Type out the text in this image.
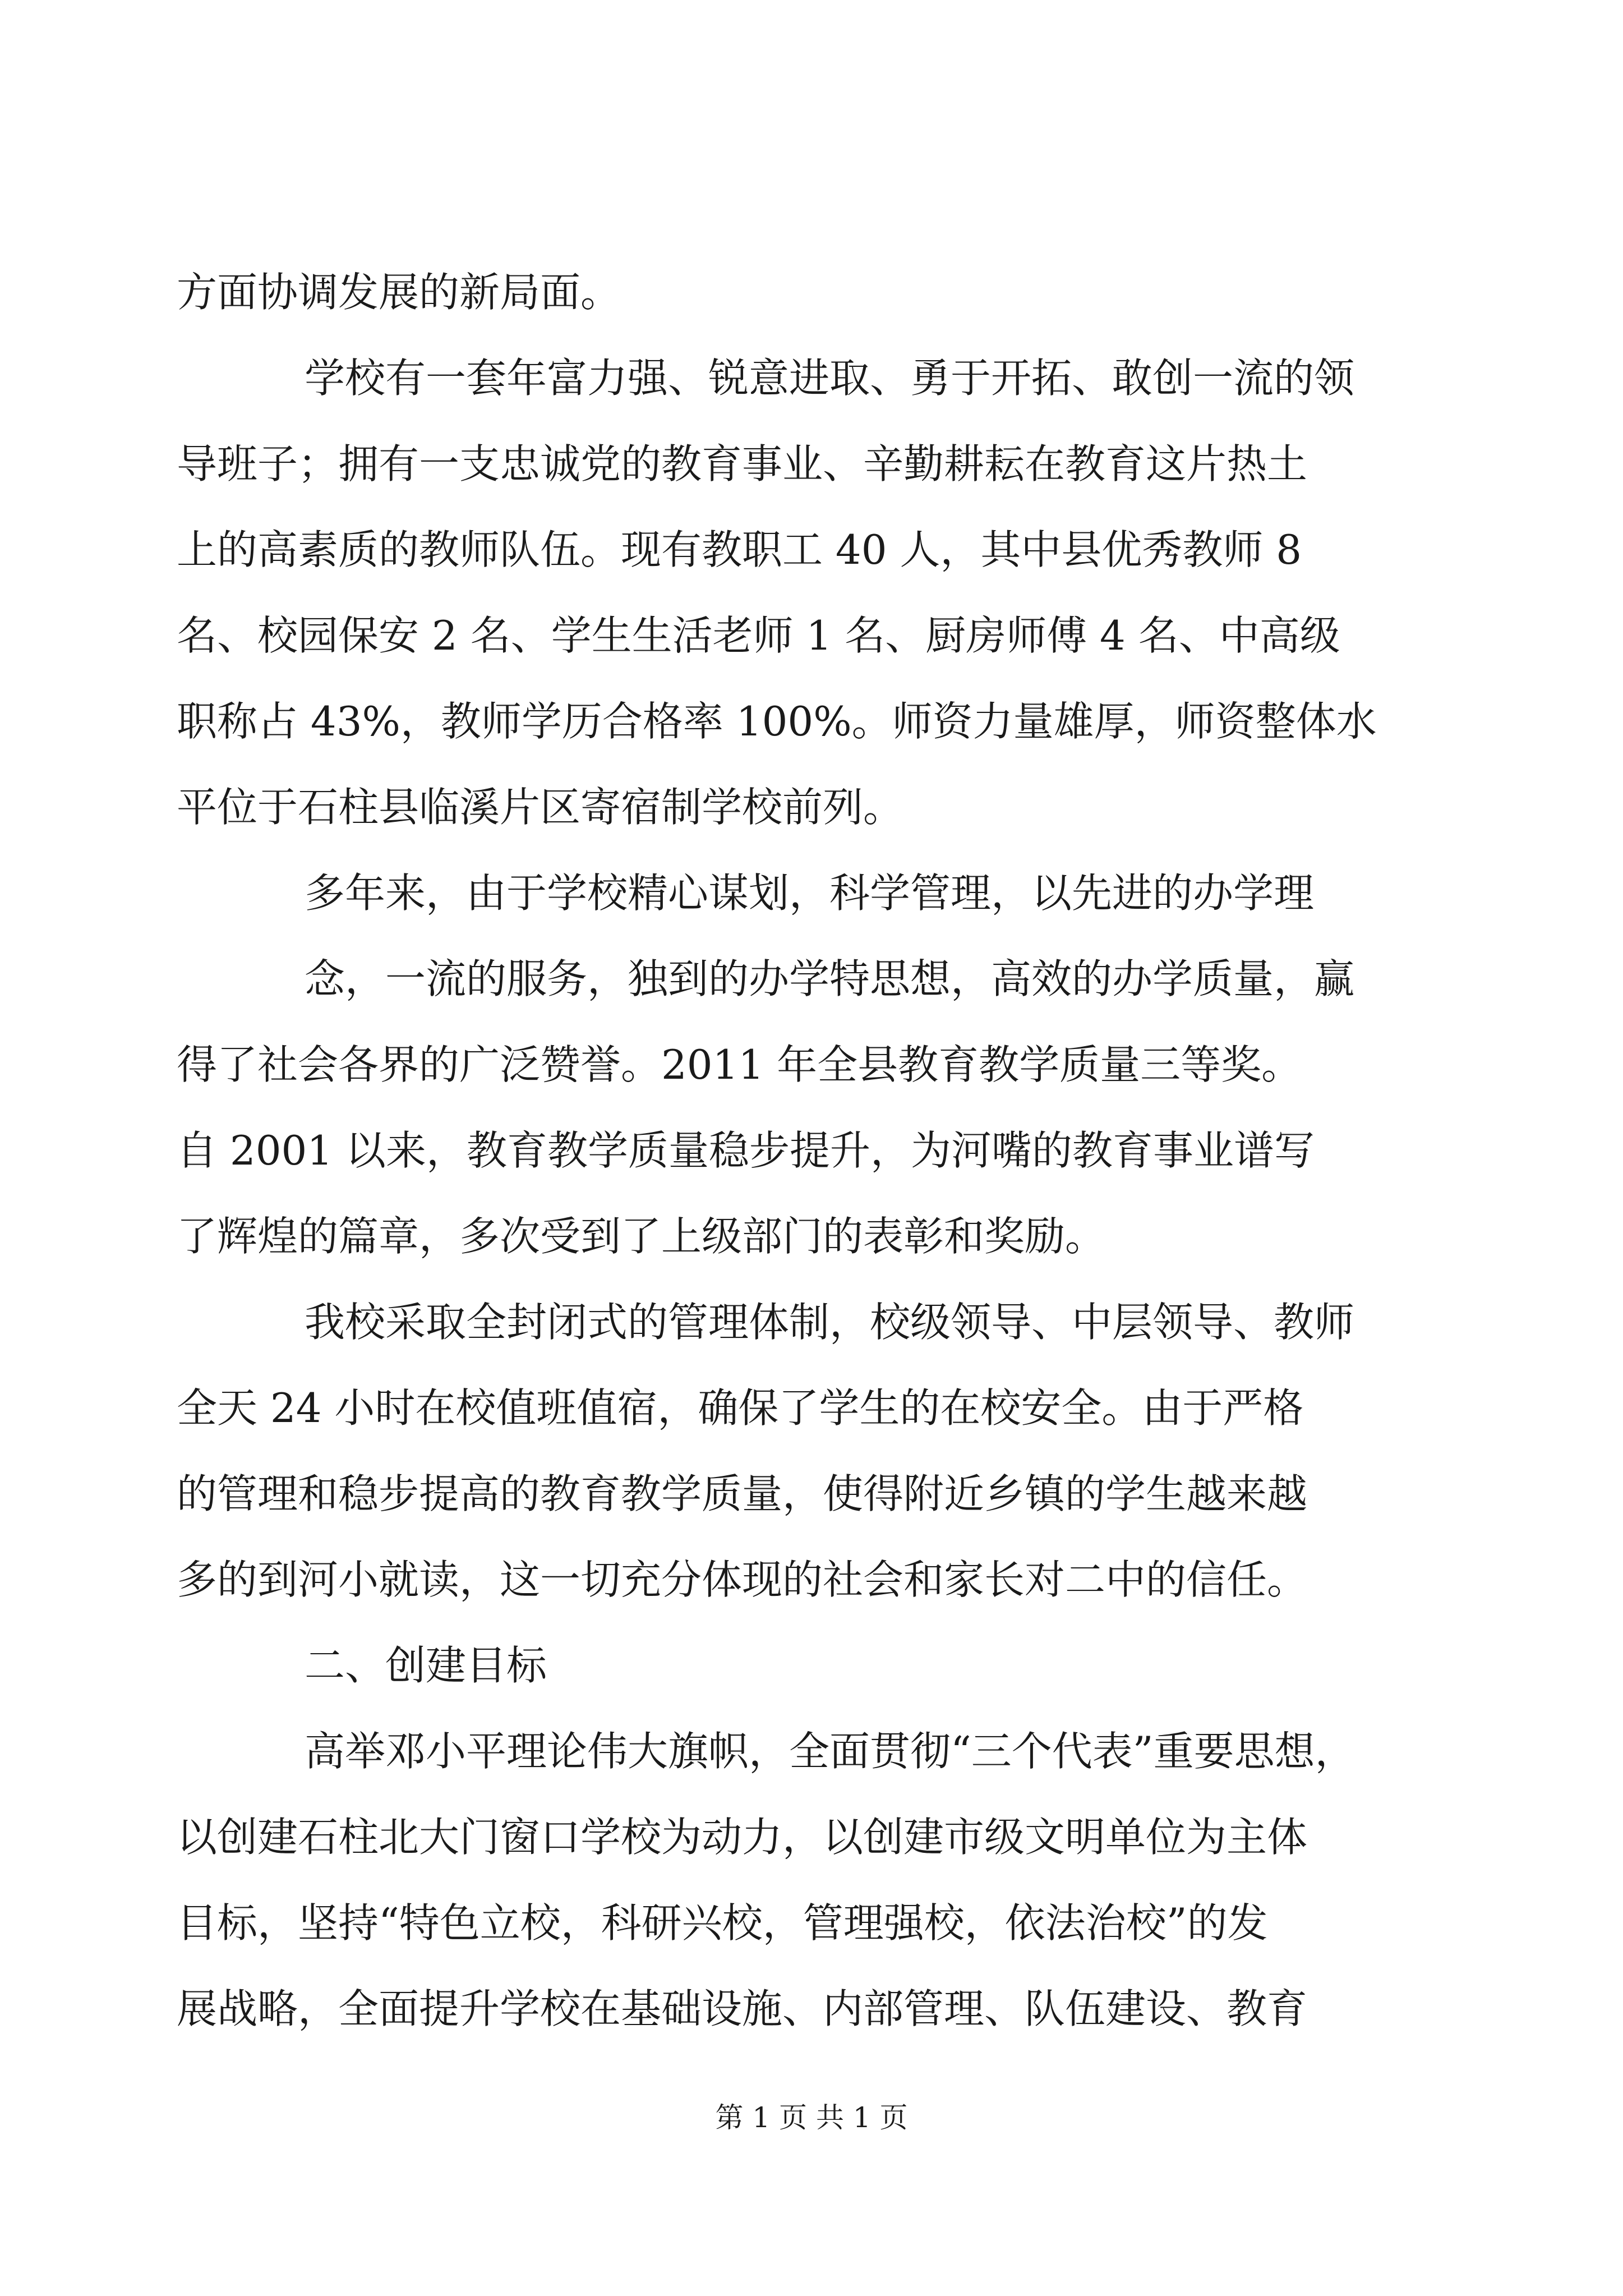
方面协调发展的新局面。
学校有一套年富力强、锐意进取、勇于开拓、敢创一流的领
导班子；拥有一支忠诚党的教育事业、辛勤耕耘在教育这片热土
上的高素质的教师队伍。现有教职工 40 人，其中县优秀教师 8
名、校园保安 2 名、学生生活老师 1 名、厨房师傅 4 名、中高级
职称占 43%，教师学历合格率 100%。师资力量雄厚，师资整体水
平位于石柱县临溪片区寄宿制学校前列。
多年来，由于学校精心谋划，科学管理，以先进的办学理
念，一流的服务，独到的办学特思想，高效的办学质量，赢
得了社会各界的广泛赞誉。2011 年全县教育教学质量三等奖。
自 2001 以来，教育教学质量稳步提升，为河嘴的教育事业谱写
了辉煌的篇章，多次受到了上级部门的表彰和奖励。
我校采取全封闭式的管理体制，校级领导、中层领导、教师
全天 24 小时在校值班值宿，确保了学生的在校安全。由于严格
的管理和稳步提高的教育教学质量，使得附近乡镇的学生越来越
多的到河小就读，这一切充分体现的社会和家长对二中的信任。
二、创建目标
高举邓小平理论伟大旗帜，全面贯彻“三个代表”重要思想，
以创建石柱北大门窗口学校为动力，以创建市级文明单位为主体
目标，坚持“特色立校，科研兴校，管理强校，依法治校”的发
展战略，全面提升学校在基础设施、内部管理、队伍建设、教育
第 1 页 共 1 页
